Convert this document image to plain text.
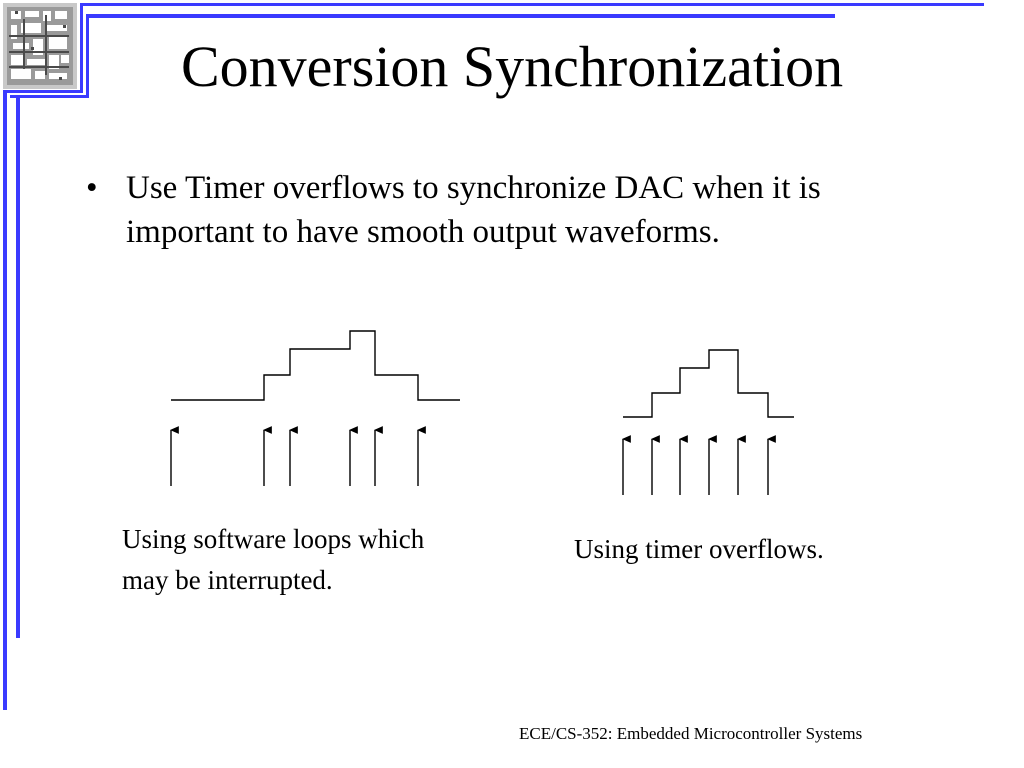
Conversion Synchronization
• Use Timer overflows to synchronize DAC when it is important to have smooth output waveforms.
Using software loops which may be interrupted.
Using timer overflows.
ECE/CS-352: Embedded Microcontroller Systems
